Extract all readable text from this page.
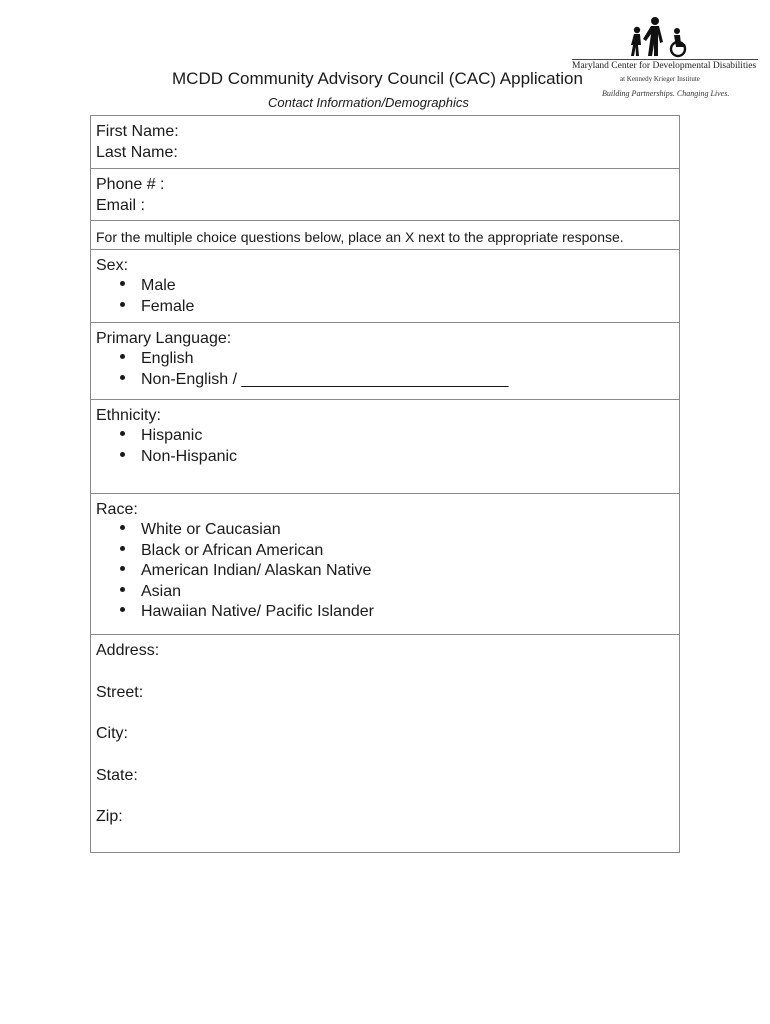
Maryland Center for Developmental Disabilities
at Kennedy Krieger Institute
Building Partnerships. Changing Lives.
MCDD Community Advisory Council (CAC) Application
Contact Information/Demographics
First Name:
Last Name:
Phone # :
Email :
For the multiple choice questions below, place an X next to the appropriate response.
Sex:
Male
Female
Primary Language:
English
Non-English / ______________________________
Ethnicity:
Hispanic
Non-Hispanic
Race:
White or Caucasian
Black or African American
American Indian/ Alaskan Native
Asian
Hawaiian Native/ Pacific Islander
Address:
Street:
City:
State:
Zip:
